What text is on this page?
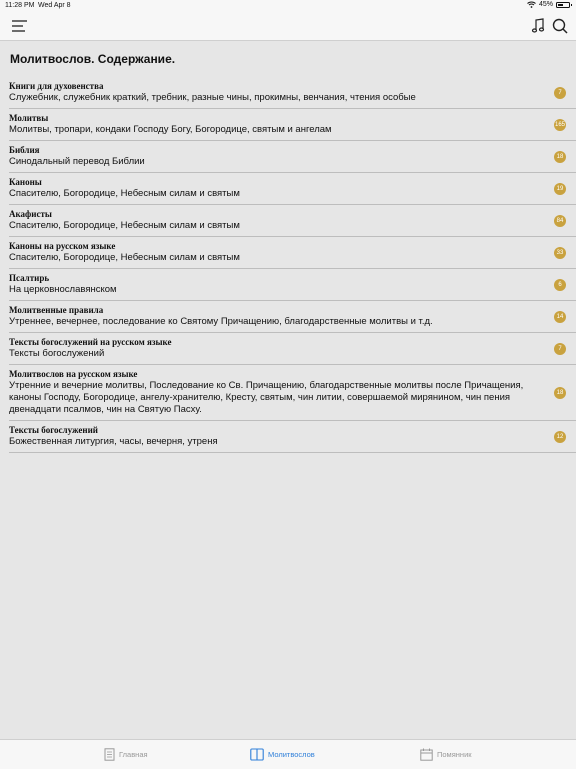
11:28 PM Wed Apr 8	45%
Молитвослов. Содержание.
Книги для духовенства
Служебник, служебник краткий, требник, разные чины, прокимны, венчания, чтения особые	7
Молитвы
Молитвы, тропари, кондаки Господу Богу, Богородице, святым и ангелам	165
Библия
Синодальный перевод Библии	18
Каноны
Спасителю, Богородице, Небесным силам и святым	19
Акафисты
Спасителю, Богородице, Небесным силам и святым	84
Каноны на русском языке
Спасителю, Богородице, Небесным силам и святым	33
Псалтирь
На церковнославянском	6
Молитвенные правила
Утреннее, вечернее, последование ко Святому Причащению, благодарственные молитвы и т.д.	14
Тексты богослужений на русском языке
Тексты богослужений	7
Молитвослов на русском языке
Утренние и вечерние молитвы, Последование ко Св. Причащению, благодарственные молитвы после Причащения, каноны Господу, Богородице, ангелу-хранителю, Кресту, святым, чин литии, совершаемой мирянином, чин пения двенадцати псалмов, чин на Святую Пасху.
18
Тексты богослужений
Божественная литургия, часы, вечерня, утреня	12
Главная	Молитвослов	Помянник
